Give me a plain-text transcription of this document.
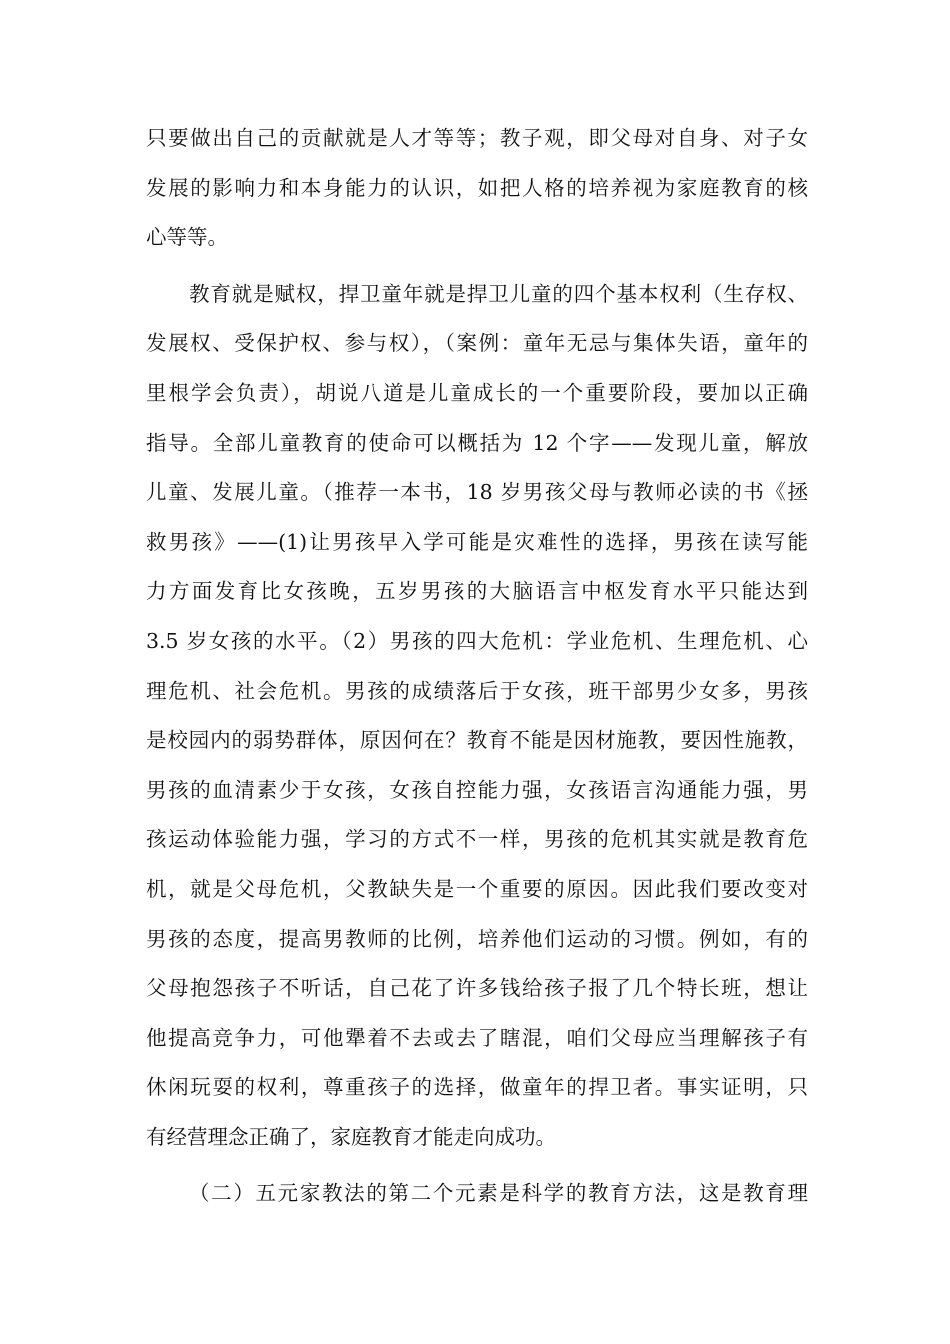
只要做出自己的贡献就是人才等等；教子观，即父母对自身、对子女
发展的影响力和本身能力的认识，如把人格的培养视为家庭教育的核
心等等。
教育就是赋权，捍卫童年就是捍卫儿童的四个基本权利（生存权、
发展权、受保护权、参与权），（案例：童年无忌与集体失语，童年的
里根学会负责），胡说八道是儿童成长的一个重要阶段，要加以正确
指导。全部儿童教育的使命可以概括为 12 个字——发现儿童，解放
儿童、发展儿童。（推荐一本书，18 岁男孩父母与教师必读的书《拯
救男孩》——(1)让男孩早入学可能是灾难性的选择，男孩在读写能
力方面发育比女孩晚，五岁男孩的大脑语言中枢发育水平只能达到
3.5 岁女孩的水平。（2）男孩的四大危机：学业危机、生理危机、心
理危机、社会危机。男孩的成绩落后于女孩，班干部男少女多，男孩
是校园内的弱势群体，原因何在？教育不能是因材施教，要因性施教，
男孩的血清素少于女孩，女孩自控能力强，女孩语言沟通能力强，男
孩运动体验能力强，学习的方式不一样，男孩的危机其实就是教育危
机，就是父母危机，父教缺失是一个重要的原因。因此我们要改变对
男孩的态度，提高男教师的比例，培养他们运动的习惯。例如，有的
父母抱怨孩子不听话，自己花了许多钱给孩子报了几个特长班，想让
他提高竞争力，可他犟着不去或去了瞎混，咱们父母应当理解孩子有
休闲玩耍的权利，尊重孩子的选择，做童年的捍卫者。事实证明，只
有经营理念正确了，家庭教育才能走向成功。
（二）五元家教法的第二个元素是科学的教育方法，这是教育理
